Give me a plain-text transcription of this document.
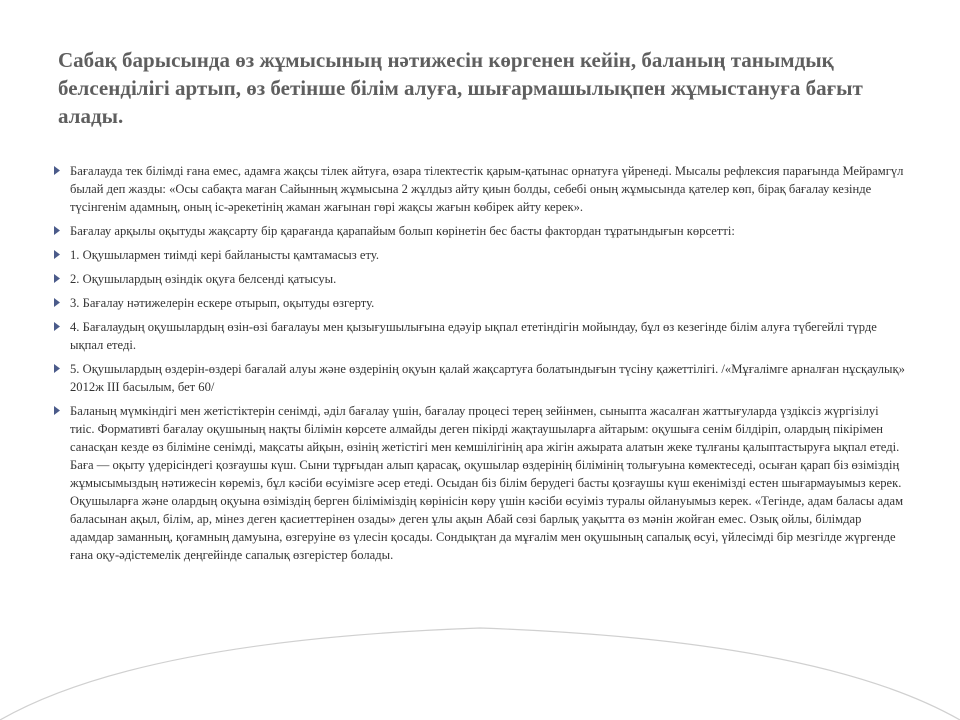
Сабақ барысында өз жұмысының нәтижесін көргенен кейін, баланың танымдық белсенділігі артып, өз бетінше білім алуға, шығармашылықпен жұмыстануға бағыт алады.
Бағалауда тек білімді ғана емес, адамға жақсы тілек айтуға, өзара тілектестік қарым-қатынас орнатуға үйренеді. Мысалы рефлексия парағында Мейрамгүл былай деп жазды: «Осы сабақта маған Сайынның жұмысына 2 жұлдыз айту қиын болды, себебі оның жұмысында қателер көп, бірақ бағалау кезінде түсінгенім адамның, оның іс-әрекетінің жаман жағынан гөрі жақсы жағын көбірек айту керек».
Бағалау арқылы оқытуды жақсарту бір қарағанда қарапайым болып көрінетін бес басты фактордан тұратындығын көрсетті:
1. Оқушылармен тиімді кері байланысты қамтамасыз ету.
2. Оқушылардың өзіндік оқуға белсенді қатысуы.
3. Бағалау нәтижелерін ескере отырып, оқытуды өзгерту.
4. Бағалаудың оқушылардың өзін-өзі бағалауы мен қызығушылығына едәуір ықпал ететіндігін мойындау, бұл өз кезегінде білім алуға түбегейлі түрде ықпал етеді.
5. Оқушылардың өздерін-өздері бағалай алуы және өздерінің оқуын қалай жақсартуға болатындығын түсіну қажеттілігі. /«Мұғалімге арналған нұсқаулық» 2012ж ІІІ басылым, бет 60/
Баланың мүмкіндігі мен жетістіктерін сенімді, әділ бағалау үшін, бағалау процесі терең зейінмен, сыныпта жасалған жаттығуларда үздіксіз жүргізілуі тиіс. Формативті бағалау оқушының нақты білімін көрсете алмайды деген пікірді жақтаушыларға айтарым: оқушыға сенім білдіріп, олардың пікірімен санасқан кезде өз біліміне сенімді, мақсаты айқын, өзінің жетістігі мен кемшілігінің ара жігін ажырата алатын жеке тұлғаны қалыптастыруға ықпал етеді. Баға — оқыту үдерісіндегі қозғаушы күш. Сыни тұрғыдан алып қарасақ, оқушылар өздерінің білімінің толығуына көмектеседі, осыған қарап біз өзіміздің жұмысымыздың нәтижесін көреміз, бұл кәсіби өсуімізге әсер етеді. Осыдан біз білім берудегі басты қозғаушы күш екенімізді естен шығармауымыз керек. Оқушыларға және олардың оқуына өзіміздің берген біліміміздің көрінісін көру үшін кәсіби өсуіміз туралы ойлануымыз керек. «Тегінде, адам баласы адам баласынан ақыл, білім, ар, мінез деген қасиеттерінен озады» деген ұлы ақын Абай сөзі барлық уақытта өз мәнін жойған емес. Озық ойлы, білімдар адамдар заманның, қоғамның дамуына, өзгеруіне өз үлесін қосады. Сондықтан да мұғалім мен оқушының сапалық өсуі, үйлесімді бір мезгілде жүргенде ғана оқу-әдістемелік деңгейінде сапалық өзгерістер болады.
